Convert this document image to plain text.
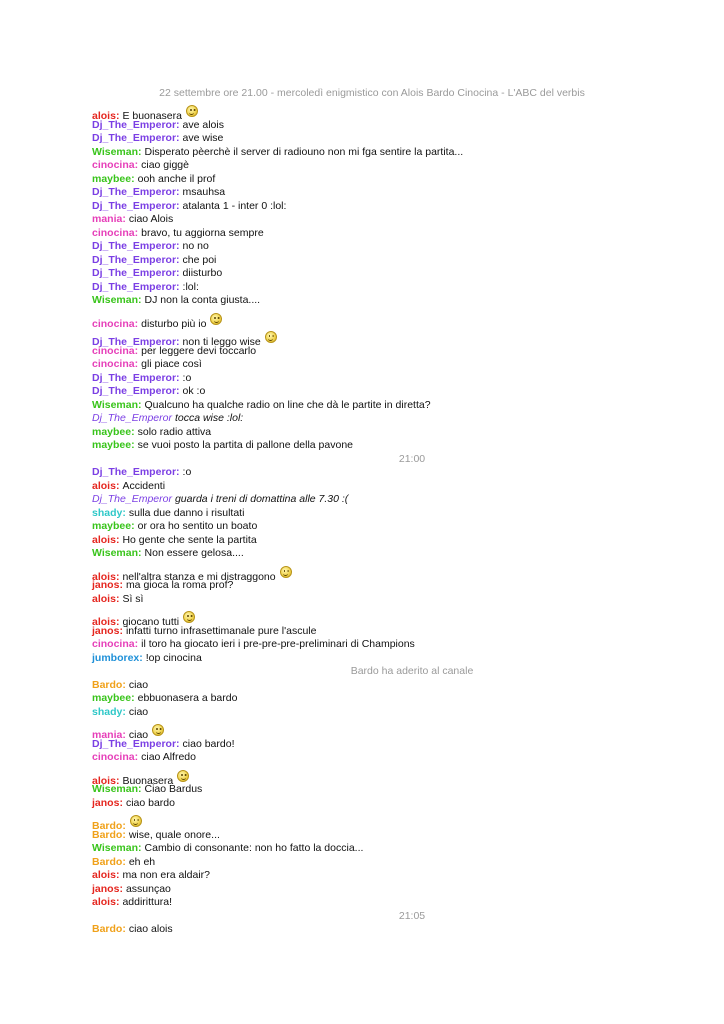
22 settembre ore 21.00 - mercoledì enigmistico con Alois Bardo Cinocina - L'ABC del verbis
alois : E buonasera
Dj_The_Emperor : ave alois
Dj_The_Emperor : ave wise
Wiseman : Disperato pèerchè il server di radiouno non mi fga sentire la partita...
cinocina : ciao giggè
maybee : ooh anche il prof
Dj_The_Emperor : msauhsa
Dj_The_Emperor : atalanta 1 - inter 0 :lol:
mania : ciao Alois
cinocina : bravo, tu aggiorna sempre
Dj_The_Emperor : no no
Dj_The_Emperor : che poi
Dj_The_Emperor : diisturbo
Dj_The_Emperor : :lol:
Wiseman : DJ non la conta giusta....
cinocina : disturbo più io
Dj_The_Emperor : non ti leggo wise
cinocina : per leggere devi toccarlo
cinocina : gli piace così
Dj_The_Emperor : :o
Dj_The_Emperor : ok :o
Wiseman : Qualcuno ha qualche radio on line che dà le partite in diretta?
Dj_The_Emperor tocca wise :lol:
maybee : solo radio attiva
maybee : se vuoi posto la partita di pallone della pavone
21:00
Dj_The_Emperor : :o
alois : Accidenti
Dj_The_Emperor guarda i treni di domattina alle 7.30 :(
shady : sulla due danno i risultati
maybee : or ora ho sentito un boato
alois : Ho gente che sente la partita
Wiseman : Non essere gelosa....
alois : nell'altra stanza e mi distraggono
janos : ma gioca la roma prof?
alois : Sì sì
alois : giocano tutti
janos : infatti turno infrasettimanale pure l'ascule
cinocina : il toro ha giocato ieri i pre-pre-pre-preliminari di Champions
jumborex : !op cinocina
Bardo ha aderito al canale
Bardo : ciao
maybee : ebbuonasera a bardo
shady : ciao
mania : ciao
Dj_The_Emperor : ciao bardo!
cinocina : ciao Alfredo
alois : Buonasera
Wiseman : Ciao Bardus
janos : ciao bardo
Bardo :
Bardo : wise, quale onore...
Wiseman : Cambio di consonante: non ho fatto la doccia...
Bardo : eh eh
alois : ma non era aldair?
janos : assunçao
alois : addirittura!
21:05
Bardo : ciao alois
